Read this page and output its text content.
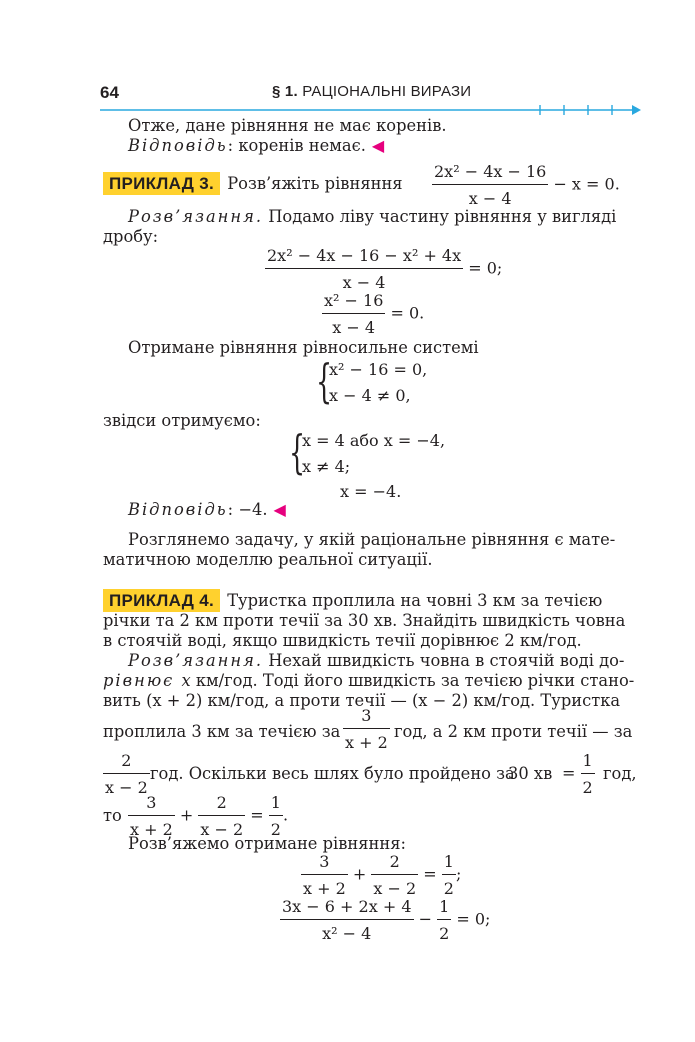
64	§ 1. РАЦІОНАЛЬНІ ВИРАЗИ
Отже, дане рівняння не має коренів.
Відповідь: коренів немає. ◀
ПРИКЛАД 3. Розв’яжіть рівняння $\frac{\text{2x² − 4x − 16}}{x - 4} - x = 0$.
Розв’язання. Подамо ліву частину рівняння у вигляді
дробу:
$\frac{\text{2x² − 4x − 16 − x² + 4x}}{x - 4} = 0$;
$\frac{\text{x² − 16}}{x - 4} = 0$.
Отримане рівняння рівносильне системі
{
x² − 16 = 0,
x − 4 ≠ 0,
звідси отримуємо:
{
x = 4 або x = −4,
x ≠ 4;
x = −4.
Відповідь: −4. ◀
Розглянемо задачу, у якій раціональне рівняння є мате-
матичною моделлю реальної ситуації.
ПРИКЛАД 4. Туристка проплила на човні 3 км за течією
річки та 2 км проти течії за 30 хв. Знайдіть швидкість човна
в стоячій воді, якщо швидкість течії дорівнює 2 км/год.
Розв’язання. Нехай швидкість човна в стоячій воді до-
рівнює x км/год. Тоді його швидкість за течією річки стано-
вить (x + 2) км/год, а проти течії — (x − 2) км/год. Туристка
проплила 3 км за течією за $\frac{3}{x + 2}$ год, а 2 км проти течії — за
$\frac{2}{x - 2}$ год. Оскільки весь шлях було пройдено за
30 хв = $\frac{1}{2}$ год,
то $\frac{3}{x + 2} + \frac{2}{x - 2} = \frac{1}{2}$ .
Розв’яжемо отримане рівняння:
$\frac{3}{x + 2} + \frac{2}{x - 2} = \frac{1}{2}$ ;
$\frac{3x - 6 + 2x + 4}{\text{x² − 4}} - \frac{1}{2} = 0$;
